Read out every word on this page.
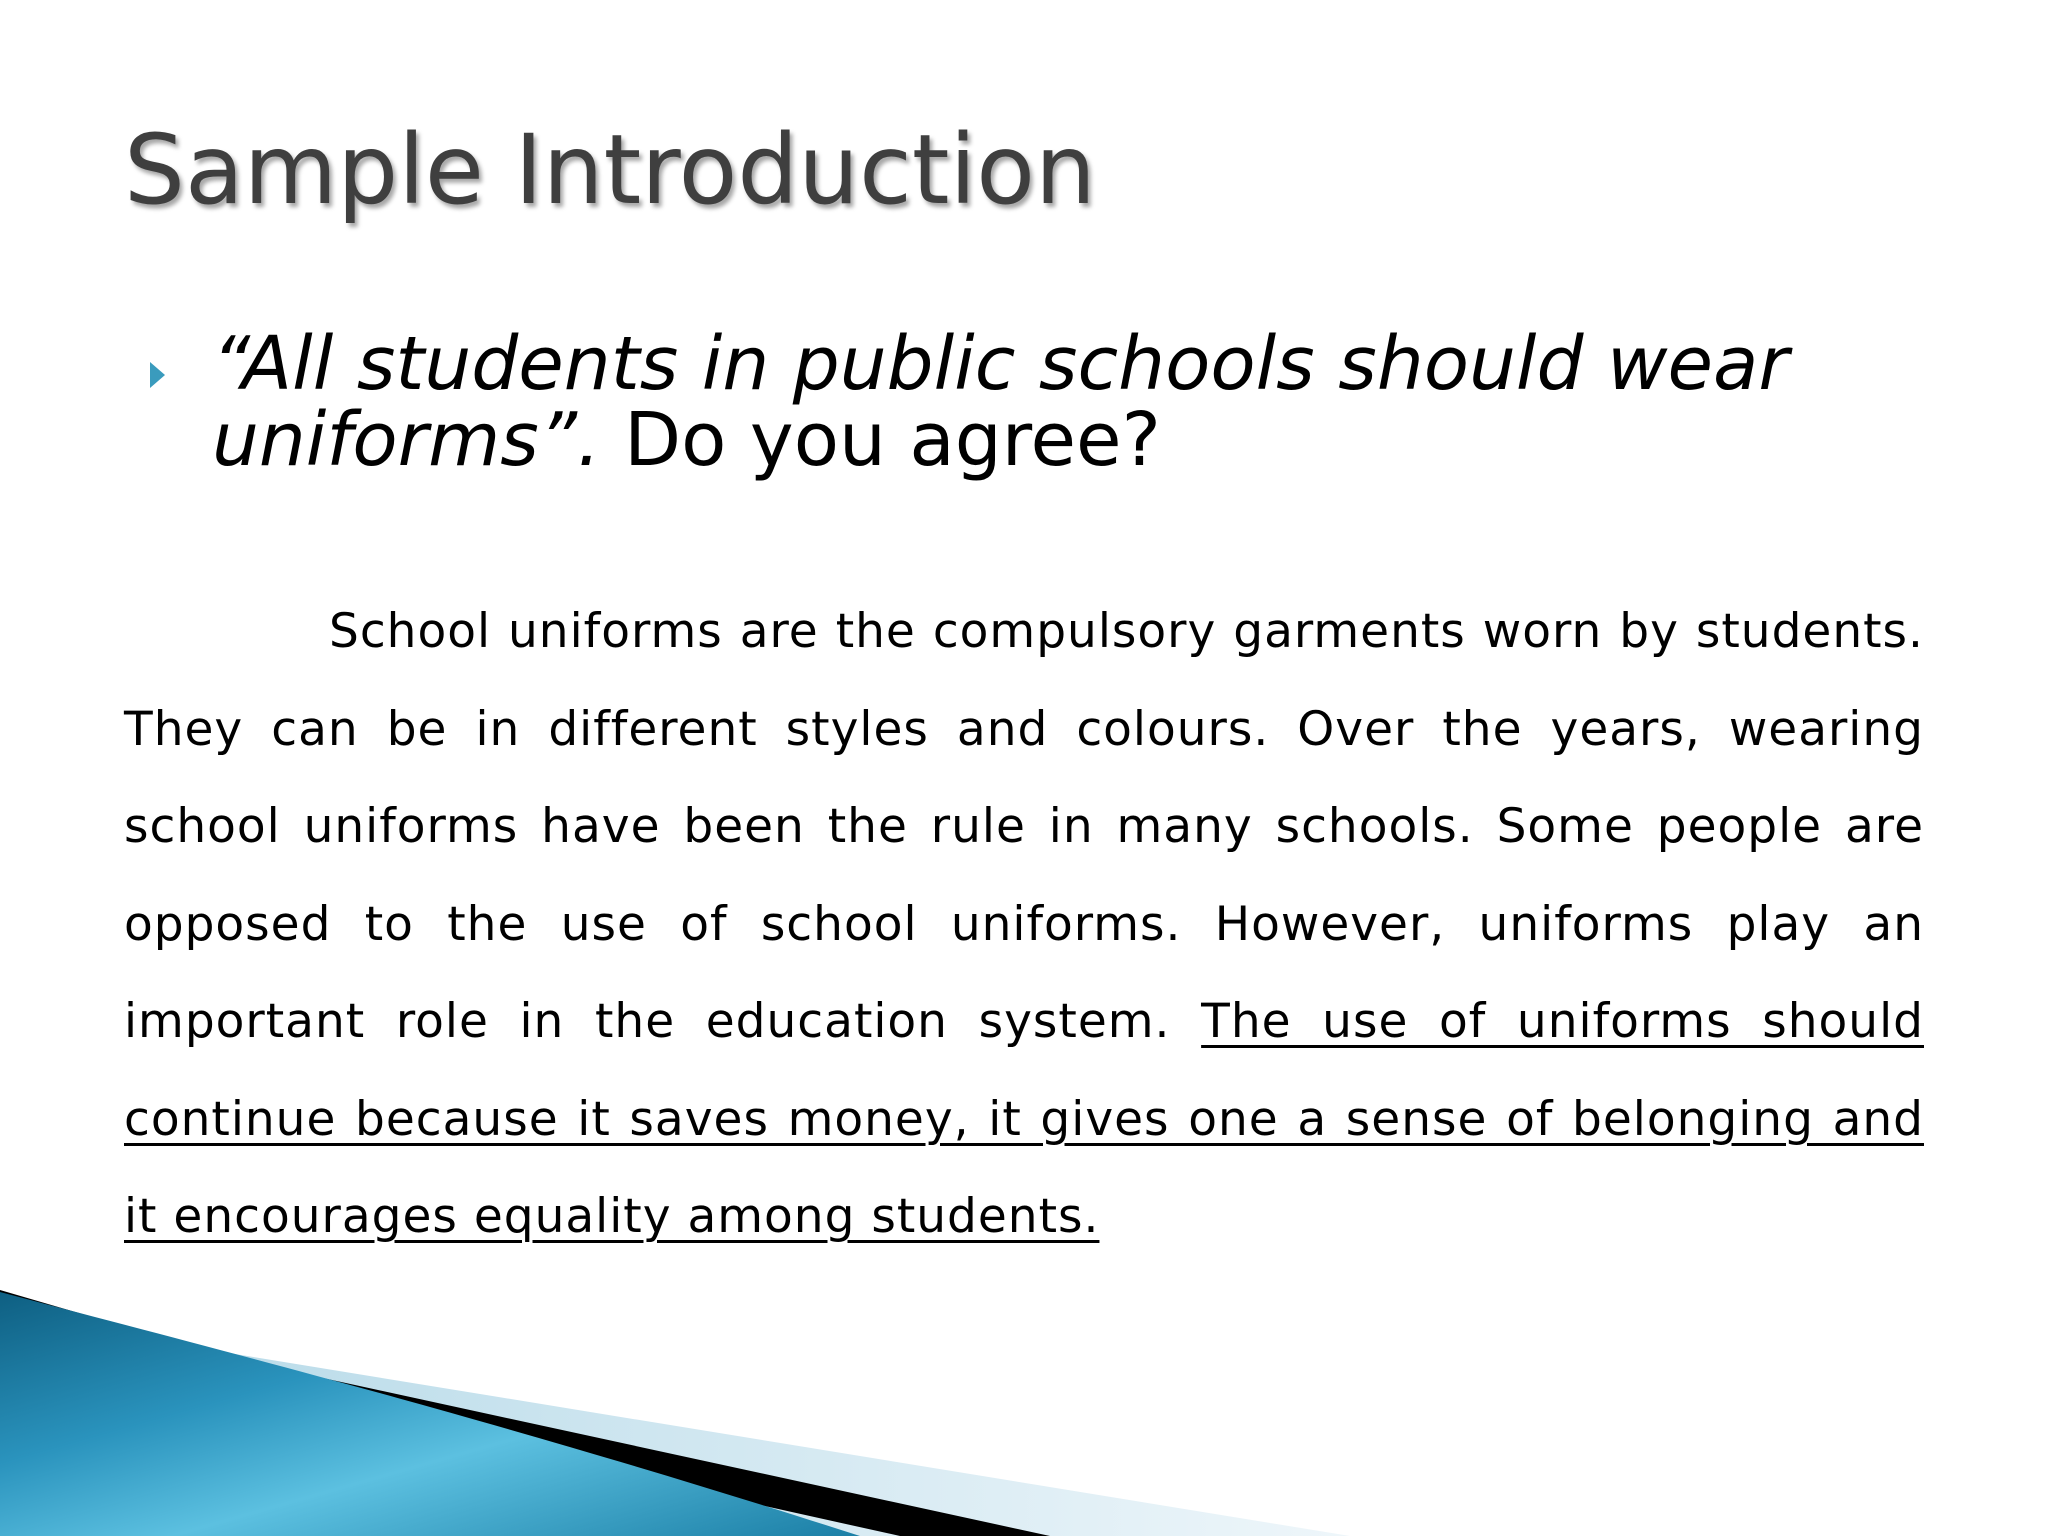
Sample Introduction

“All students in public schools should wear uniforms”. Do you agree?

School uniforms are the compulsory garments worn by students. They can be in different styles and colours. Over the years, wearing school uniforms have been the rule in many schools. Some people are opposed to the use of school uniforms. However, uniforms play an important role in the education system. The use of uniforms should continue because it saves money, it gives one a sense of belonging and it encourages equality among students.
